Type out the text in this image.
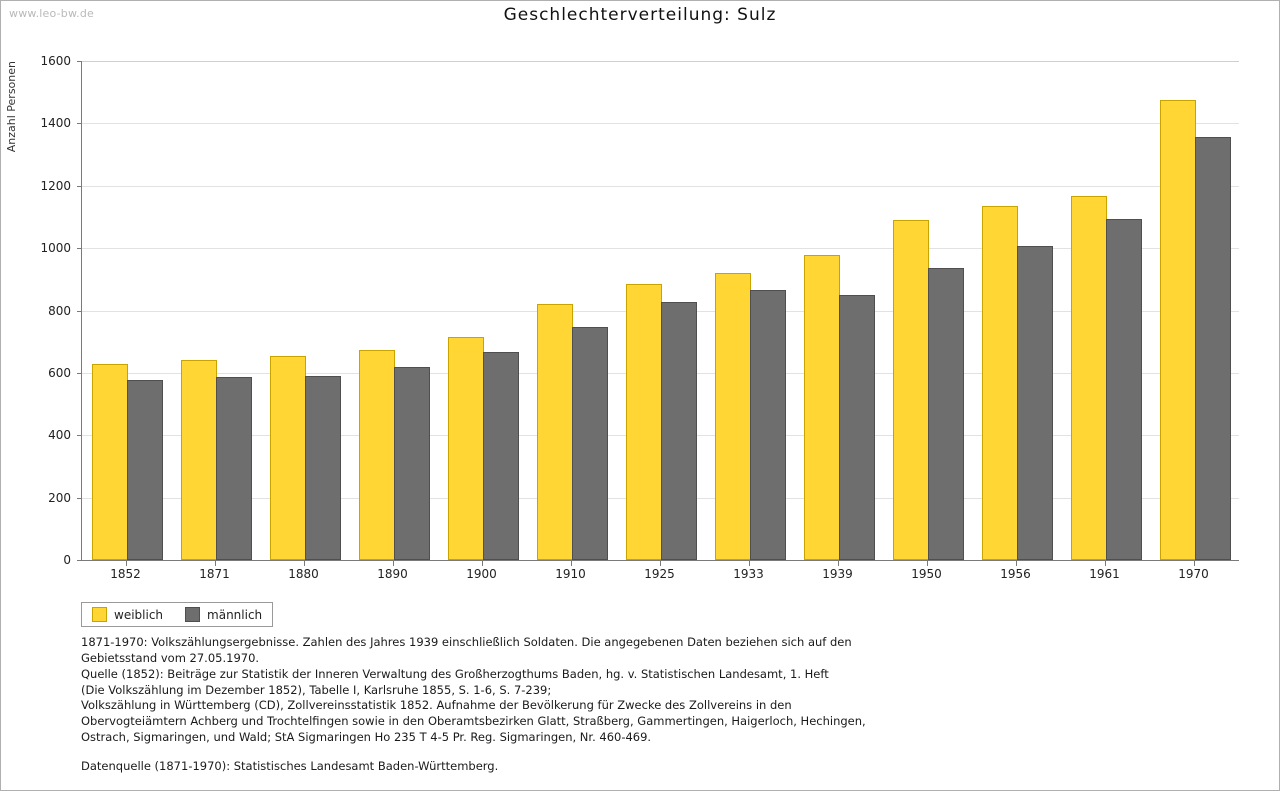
www.leo-bw.de	Geschlechterverteilung: Sulz
Anzahl Personen
1852	1871	1880	1890	1900	1910	1925	1933	1939	1950	1956	1961	1970
weiblich	männlich
1871-1970: Volkszählungsergebnisse. Zahlen des Jahres 1939 einschließlich Soldaten. Die angegebenen Daten beziehen sich auf den
Gebietsstand vom 27.05.1970.
Quelle (1852): Beiträge zur Statistik der Inneren Verwaltung des Großherzogthums Baden, hg. v. Statistischen Landesamt, 1. Heft
(Die Volkszählung im Dezember 1852), Tabelle I, Karlsruhe 1855, S. 1-6, S. 7-239;
Volkszählung in Württemberg (CD), Zollvereinsstatistik 1852. Aufnahme der Bevölkerung für Zwecke des Zollvereins in den
Obervogteiämtern Achberg und Trochtelfingen sowie in den Oberamtsbezirken Glatt, Straßberg, Gammertingen, Haigerloch, Hechingen,
Ostrach, Sigmaringen, und Wald; StA Sigmaringen Ho 235 T 4-5 Pr. Reg. Sigmaringen, Nr. 460-469.
Datenquelle (1871-1970): Statistisches Landesamt Baden-Württemberg.
0
200
400
600
800
1000
1200
1400
1600
